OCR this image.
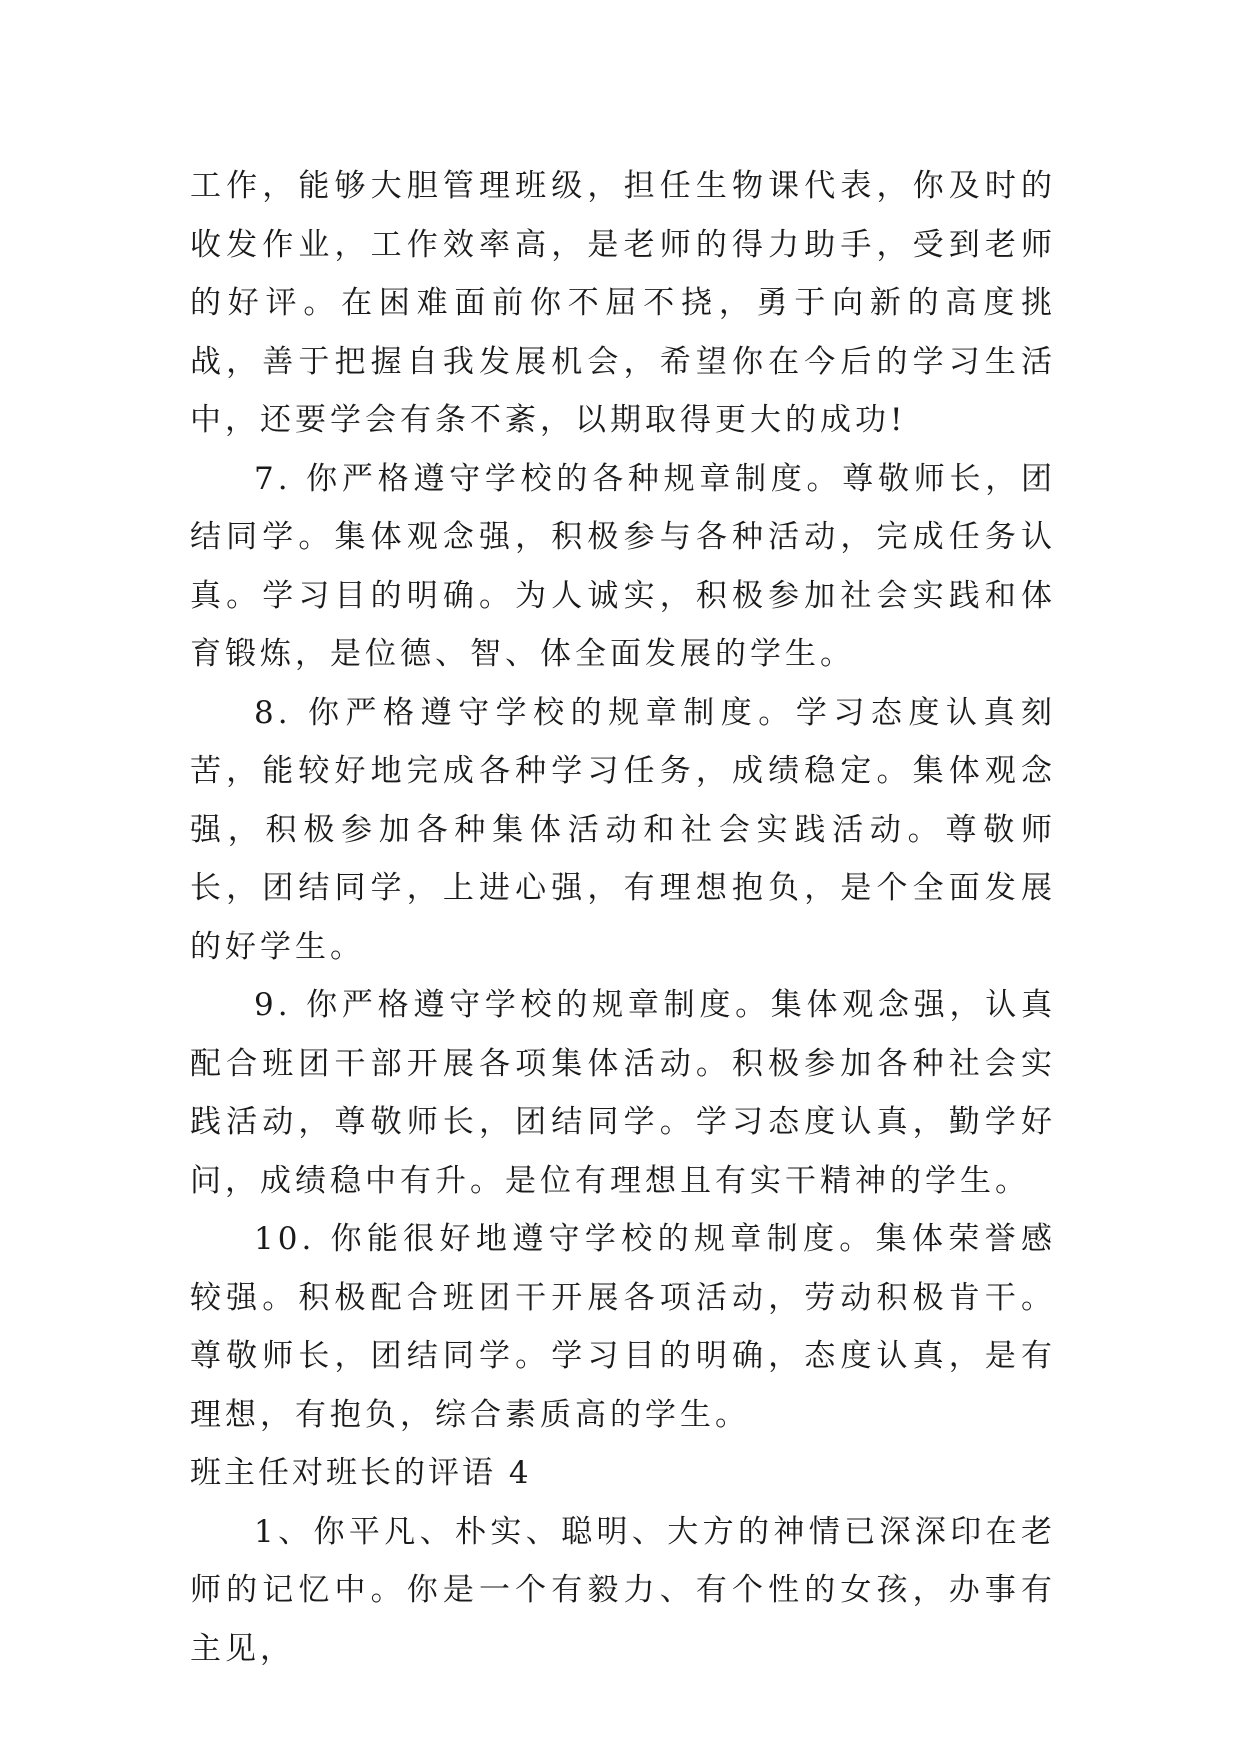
工作，能够大胆管理班级，担任生物课代表，你及时的收发作业，工作效率高，是老师的得力助手，受到老师的好评。在困难面前你不屈不挠，勇于向新的高度挑战，善于把握自我发展机会，希望你在今后的学习生活中，还要学会有条不紊，以期取得更大的成功!

7. 你严格遵守学校的各种规章制度。尊敬师长，团结同学。集体观念强，积极参与各种活动，完成任务认真。学习目的明确。为人诚实，积极参加社会实践和体育锻炼，是位德、智、体全面发展的学生。

8. 你严格遵守学校的规章制度。学习态度认真刻苦，能较好地完成各种学习任务，成绩稳定。集体观念强，积极参加各种集体活动和社会实践活动。尊敬师长，团结同学，上进心强，有理想抱负，是个全面发展的好学生。

9. 你严格遵守学校的规章制度。集体观念强，认真配合班团干部开展各项集体活动。积极参加各种社会实践活动，尊敬师长，团结同学。学习态度认真，勤学好问，成绩稳中有升。是位有理想且有实干精神的学生。

10. 你能很好地遵守学校的规章制度。集体荣誉感较强。积极配合班团干开展各项活动，劳动积极肯干。尊敬师长，团结同学。学习目的明确，态度认真，是有理想，有抱负，综合素质高的学生。

班主任对班长的评语 4

1、你平凡、朴实、聪明、大方的神情已深深印在老师的记忆中。你是一个有毅力、有个性的女孩，办事有主见，
